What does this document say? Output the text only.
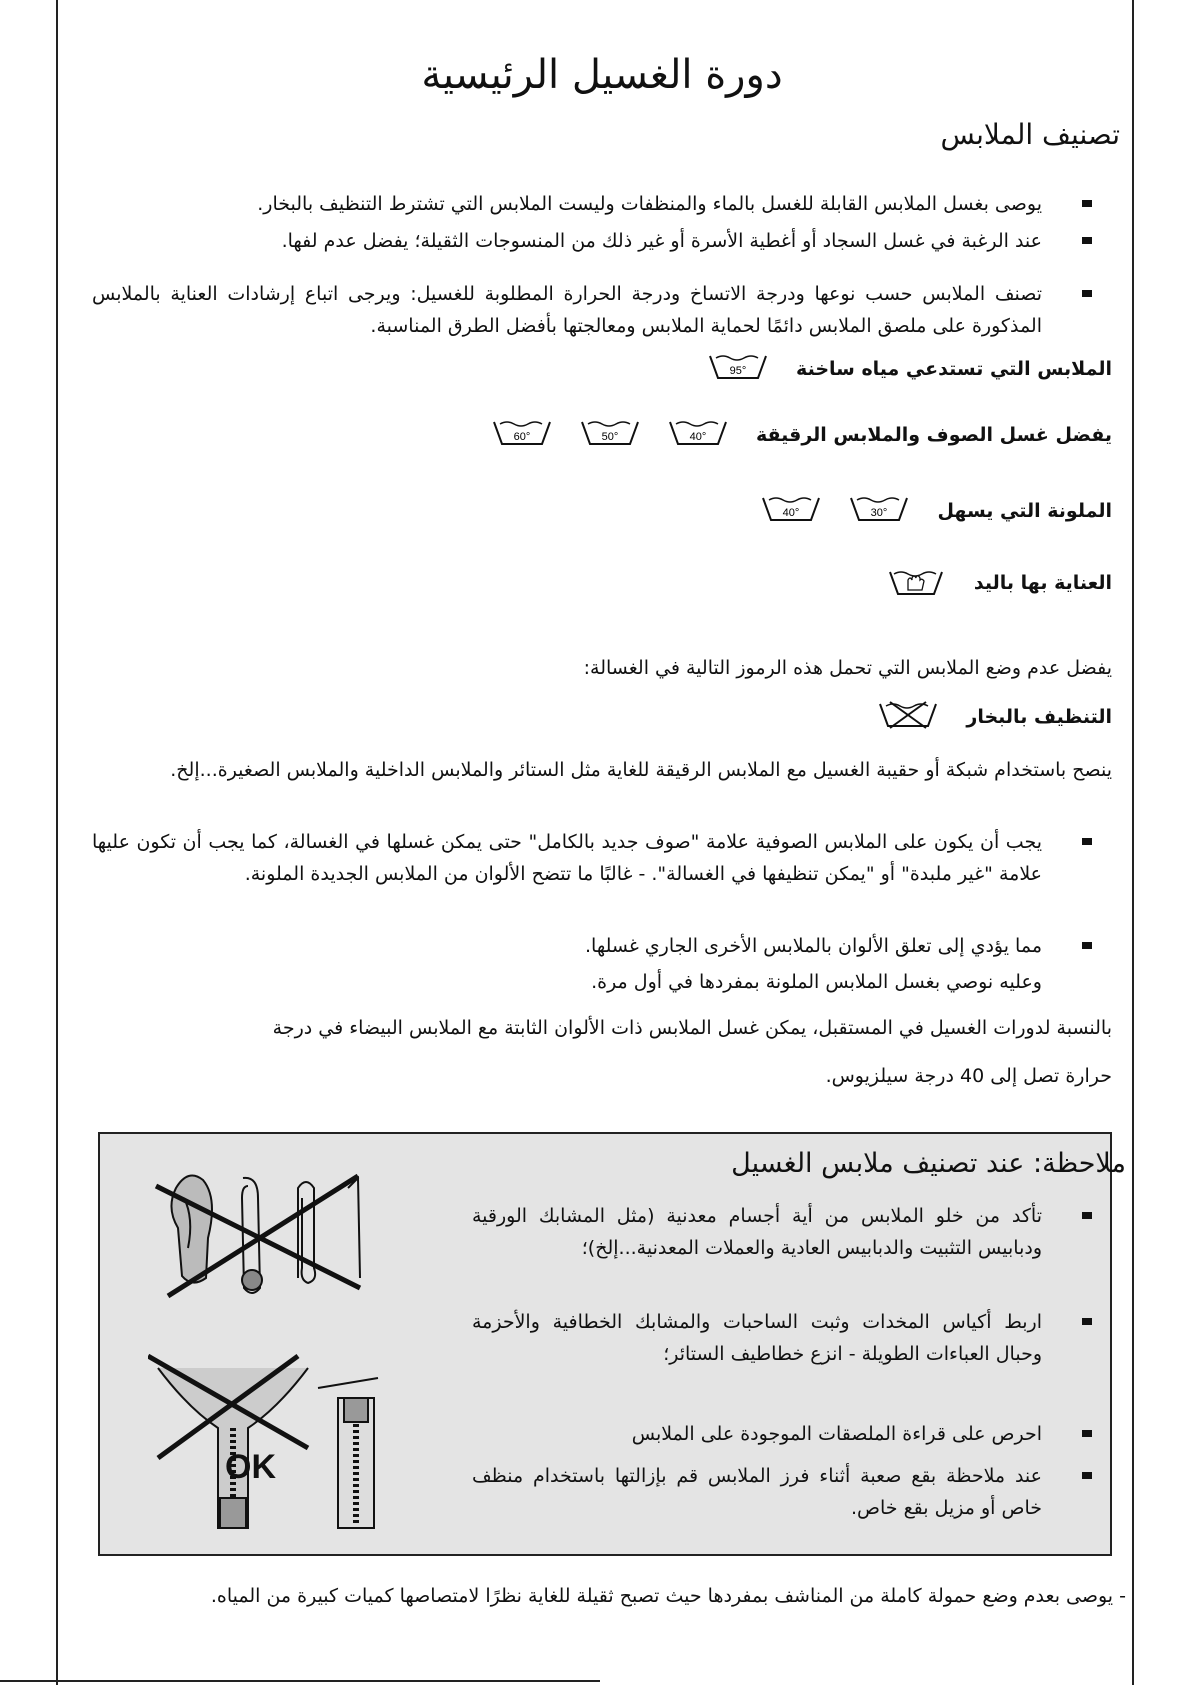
دورة الغسيل الرئيسية
تصنيف الملابس
يوصى بغسل الملابس القابلة للغسل بالماء والمنظفات وليست الملابس التي تشترط التنظيف بالبخار.
عند الرغبة في غسل السجاد أو أغطية الأسرة أو غير ذلك من المنسوجات الثقيلة؛ يفضل عدم لفها.
تصنف الملابس حسب نوعها ودرجة الاتساخ ودرجة الحرارة المطلوبة للغسيل: ويرجى اتباع إرشادات العناية بالملابس المذكورة على ملصق الملابس دائمًا لحماية الملابس ومعالجتها بأفضل الطرق المناسبة.
الملابس التي تستدعي مياه ساخنة
95°
يفضل غسل الصوف والملابس الرقيقة
40°
50°
60°
الملونة التي يسهل
30°
40°
العناية بها باليد
يفضل عدم وضع الملابس التي تحمل هذه الرموز التالية في الغسالة:
التنظيف بالبخار
ينصح باستخدام شبكة أو حقيبة الغسيل مع الملابس الرقيقة للغاية مثل الستائر والملابس الداخلية والملابس الصغيرة...إلخ.
يجب أن يكون على الملابس الصوفية علامة "صوف جديد بالكامل" حتى يمكن غسلها في الغسالة، كما يجب أن تكون عليها علامة "غير ملبدة" أو "يمكن تنظيفها في الغسالة". - غالبًا ما تتضح الألوان من الملابس الجديدة الملونة.
مما يؤدي إلى تعلق الألوان بالملابس الأخرى الجاري غسلها.
وعليه نوصي بغسل الملابس الملونة بمفردها في أول مرة.
بالنسبة لدورات الغسيل في المستقبل، يمكن غسل الملابس ذات الألوان الثابتة مع الملابس البيضاء في درجة
حرارة تصل إلى 40 درجة سيلزيوس.
ملاحظة: عند تصنيف ملابس الغسيل
تأكد من خلو الملابس من أية أجسام معدنية (مثل المشابك الورقية ودبابيس التثبيت والدبابيس العادية والعملات المعدنية...إلخ)؛
اربط أكياس المخدات وثبت الساحبات والمشابك الخطافية والأحزمة وحبال العباءات الطويلة - انزع خطاطيف الستائر؛
احرص على قراءة الملصقات الموجودة على الملابس
عند ملاحظة بقع صعبة أثناء فرز الملابس قم بإزالتها باستخدام منظف خاص أو مزيل بقع خاص.
OK
- يوصى بعدم وضع حمولة كاملة من المناشف بمفردها حيث تصبح ثقيلة للغاية نظرًا لامتصاصها كميات كبيرة من المياه.
